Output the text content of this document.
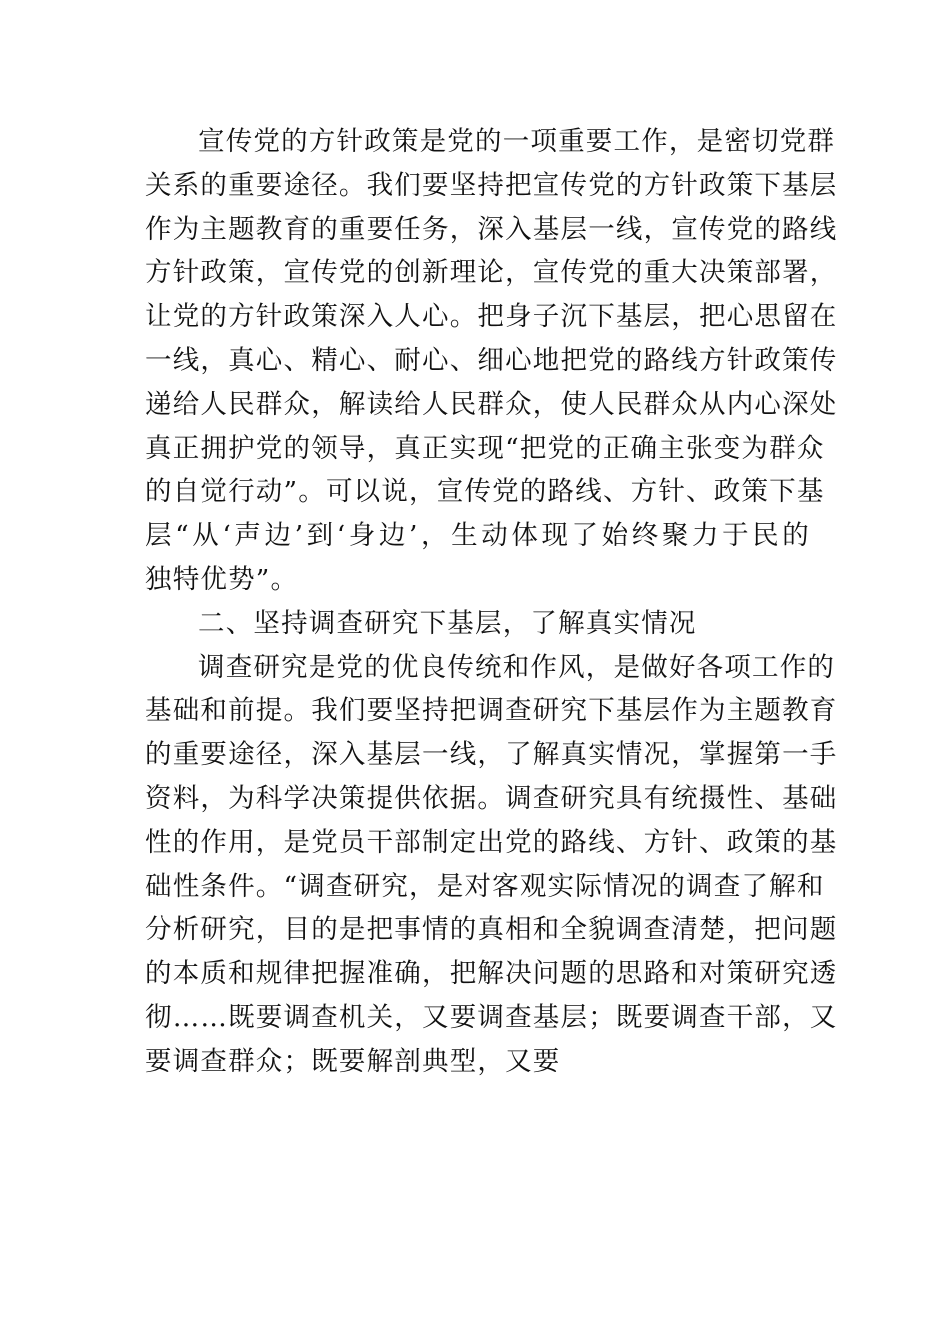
宣传党的方针政策是党的一项重要工作，是密切党群
关系的重要途径。我们要坚持把宣传党的方针政策下基层
作为主题教育的重要任务，深入基层一线，宣传党的路线
方针政策，宣传党的创新理论，宣传党的重大决策部署，
让党的方针政策深入人心。把身子沉下基层，把心思留在
一线，真心、精心、耐心、细心地把党的路线方针政策传
递给人民群众，解读给人民群众，使人民群众从内心深处
真正拥护党的领导，真正实现“把党的正确主张变为群众
的自觉行动”。可以说，宣传党的路线、方针、政策下基
层“从‘声边’到‘身边’，生动体现了始终聚力于民的
独特优势”。
二、坚持调查研究下基层，了解真实情况
调查研究是党的优良传统和作风，是做好各项工作的
基础和前提。我们要坚持把调查研究下基层作为主题教育
的重要途径，深入基层一线，了解真实情况，掌握第一手
资料，为科学决策提供依据。调查研究具有统摄性、基础
性的作用，是党员干部制定出党的路线、方针、政策的基
础性条件。“调查研究，是对客观实际情况的调查了解和
分析研究，目的是把事情的真相和全貌调查清楚，把问题
的本质和规律把握准确，把解决问题的思路和对策研究透
彻……既要调查机关，又要调查基层；既要调查干部，又
要调查群众；既要解剖典型，又要
